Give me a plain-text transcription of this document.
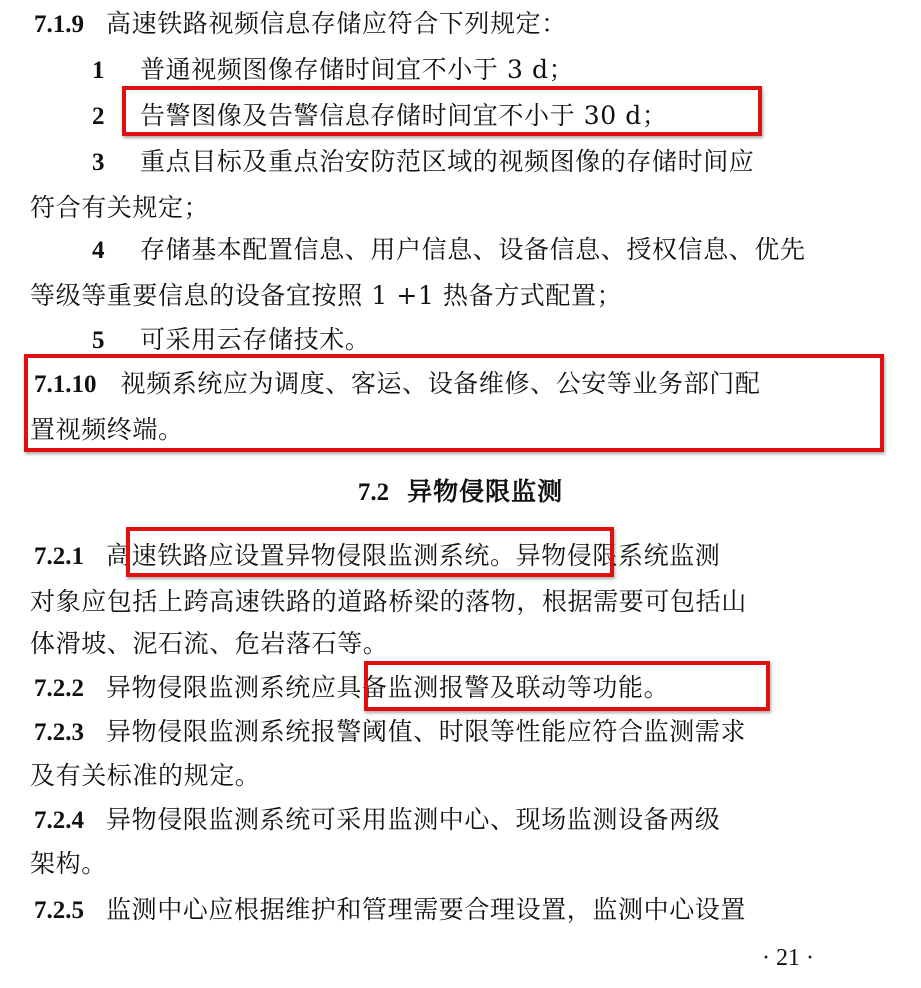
7.1.9 高速铁路视频信息存储应符合下列规定：
1 普通视频图像存储时间宜不小于 3 d；
2 告警图像及告警信息存储时间宜不小于 30 d；
3 重点目标及重点治安防范区域的视频图像的存储时间应
符合有关规定；
4 存储基本配置信息、用户信息、设备信息、授权信息、优先
等级等重要信息的设备宜按照 1 +1 热备方式配置；
5 可采用云存储技术。
7.1.10 视频系统应为调度、客运、设备维修、公安等业务部门配
置视频终端。
7.2 异物侵限监测
7.2.1 高速铁路应设置异物侵限监测系统。异物侵限系统监测
对象应包括上跨高速铁路的道路桥梁的落物，根据需要可包括山
体滑坡、泥石流、危岩落石等。
7.2.2 异物侵限监测系统应具备监测报警及联动等功能。
7.2.3 异物侵限监测系统报警阈值、时限等性能应符合监测需求
及有关标准的规定。
7.2.4 异物侵限监测系统可采用监测中心、现场监测设备两级
架构。
7.2.5 监测中心应根据维护和管理需要合理设置，监测中心设置
· 21 ·
